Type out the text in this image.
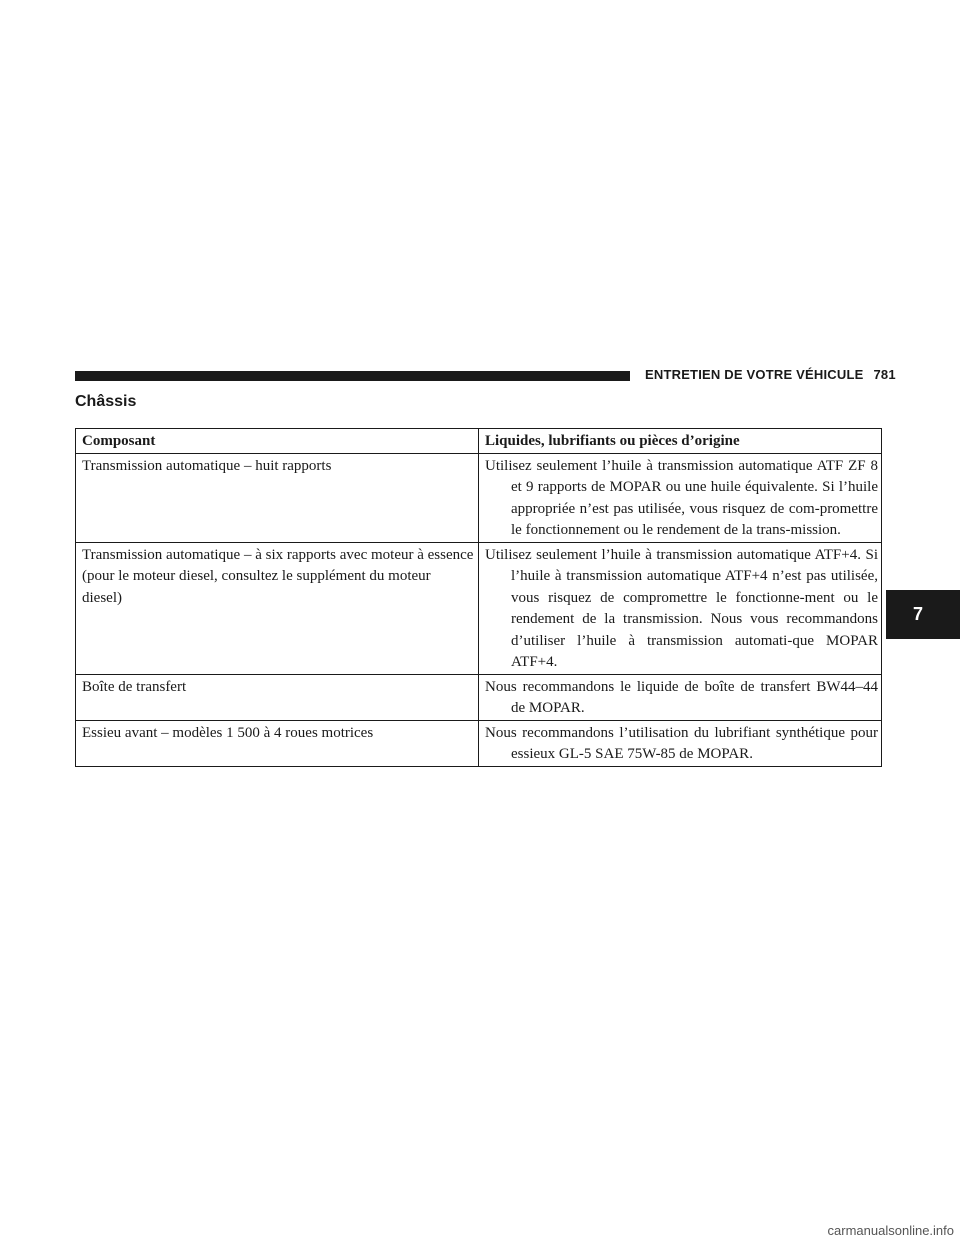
ENTRETIEN DE VOTRE VÉHICULE 781
Châssis
Composant	Liquides, lubrifiants ou pièces d’origine
Transmission automatique – huit rapports	Utilisez seulement l’huile à transmission automatique ATF ZF 8 et 9 rapports de MOPAR ou une huile équivalente. Si l’huile appropriée n’est pas utilisée, vous risquez de com-promettre le fonctionnement ou le rendement de la trans-mission.

Transmission automatique – à six rapports avec moteur à essence (pour le moteur diesel, consultez le supplément du moteur diesel)	Utilisez seulement l’huile à transmission automatique ATF+4. Si l’huile à transmission automatique ATF+4 n’est pas utilisée, vous risquez de compromettre le fonctionne-ment ou le rendement de la transmission. Nous vous recommandons d’utiliser l’huile à transmission automati-que MOPAR ATF+4.

Boîte de transfert	Nous recommandons le liquide de boîte de transfert BW44–44 de MOPAR.

Essieu avant – modèles 1 500 à 4 roues motrices	Nous recommandons l’utilisation du lubrifiant synthétique pour essieux GL-5 SAE 75W-85 de MOPAR.
7
carmanualsonline.info
